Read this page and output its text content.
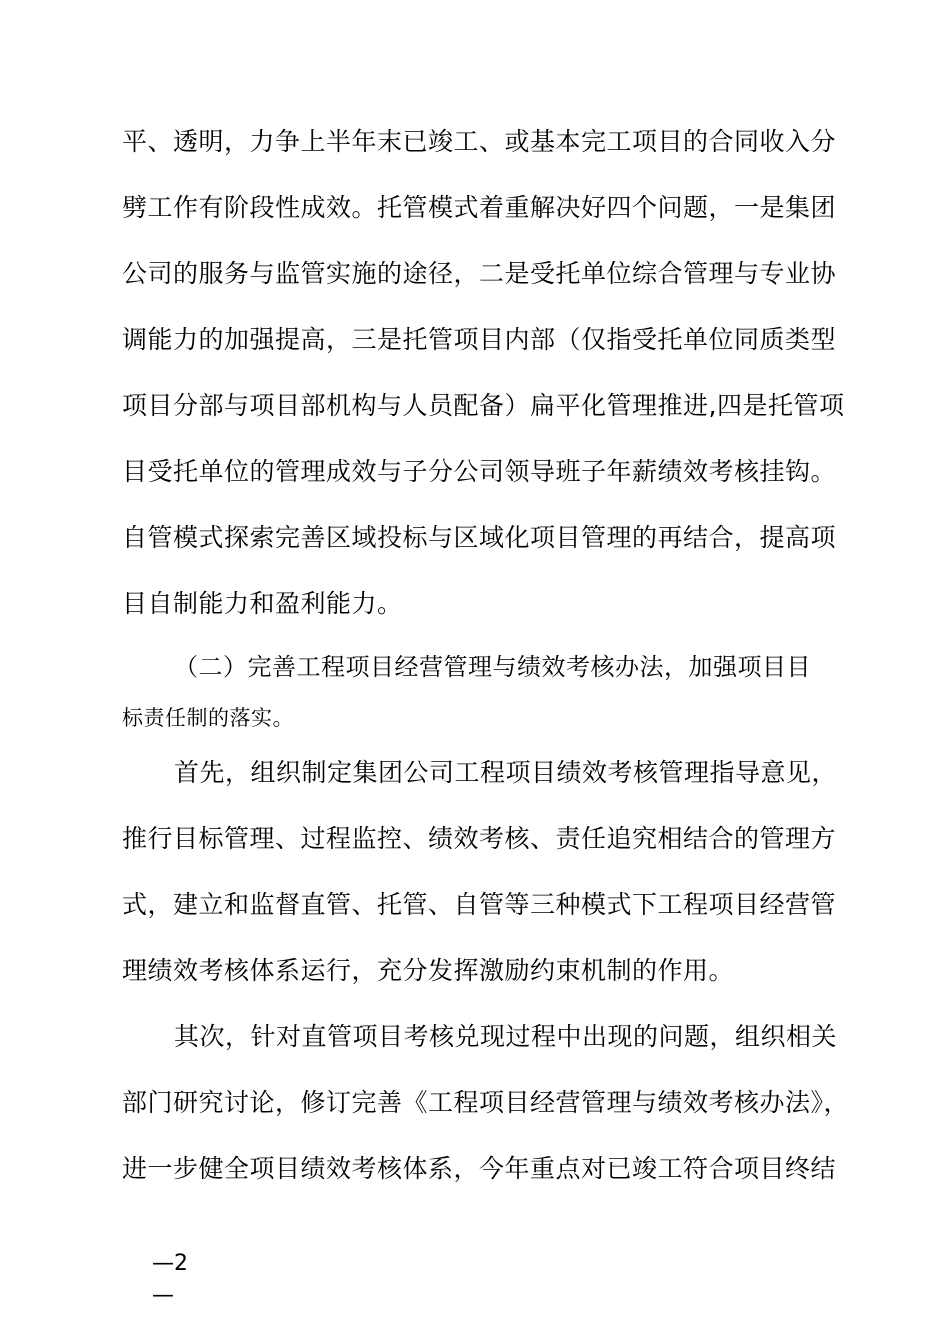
平、透明，力争上半年末已竣工、或基本完工项目的合同收入分
劈工作有阶段性成效。托管模式着重解决好四个问题，一是集团
公司的服务与监管实施的途径，二是受托单位综合管理与专业协
调能力的加强提高，三是托管项目内部（仅指受托单位同质类型
项目分部与项目部机构与人员配备）扁平化管理推进,四是托管项
目受托单位的管理成效与子分公司领导班子年薪绩效考核挂钩。
自管模式探索完善区域投标与区域化项目管理的再结合，提高项
目自制能力和盈利能力。
（二）完善工程项目经营管理与绩效考核办法，加强项目目
标责任制的落实。
首先，组织制定集团公司工程项目绩效考核管理指导意见，
推行目标管理、过程监控、绩效考核、责任追究相结合的管理方
式，建立和监督直管、托管、自管等三种模式下工程项目经营管
理绩效考核体系运行，充分发挥激励约束机制的作用。
其次，针对直管项目考核兑现过程中出现的问题，组织相关
部门研究讨论，修订完善《工程项目经营管理与绩效考核办法》，
进一步健全项目绩效考核体系，今年重点对已竣工符合项目终结
—2
—
